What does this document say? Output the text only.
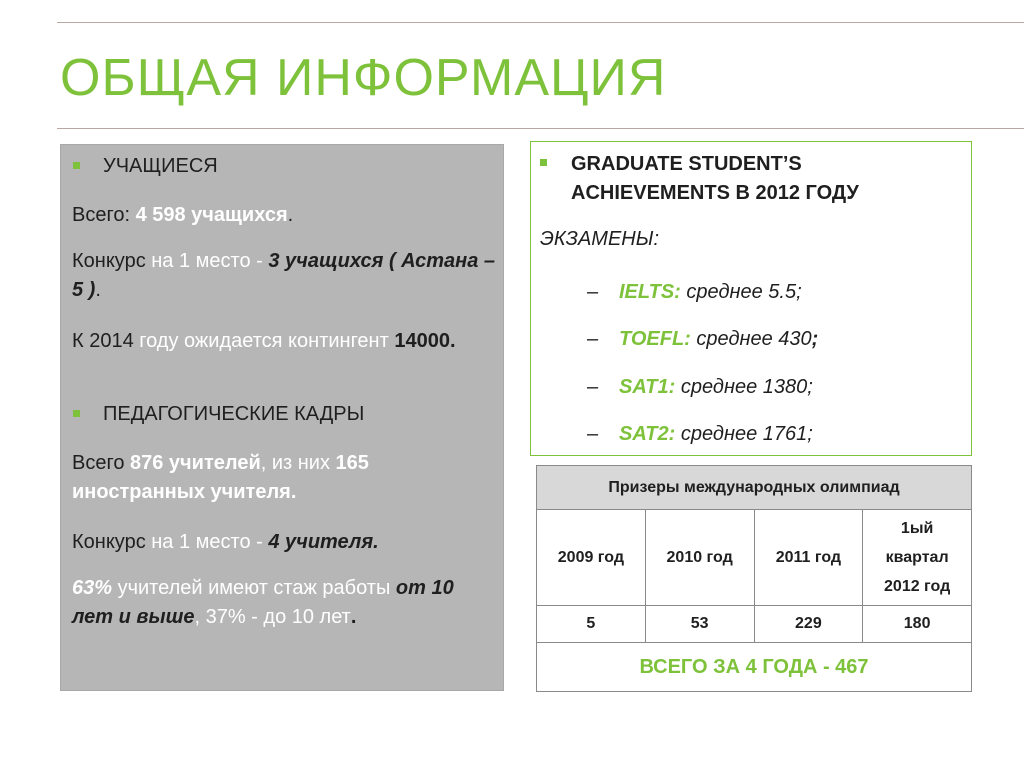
ОБЩАЯ ИНФОРМАЦИЯ

УЧАЩИЕСЯ

Всего: 4 598 учащихся.

Конкурс на 1 место - 3 учащихся ( Астана – 5 ).

К 2014 году ожидается контингент 14000.

ПЕДАГОГИЧЕСКИЕ КАДРЫ

Всего 876 учителей, из них 165 иностранных учителя.

Конкурс на 1 место - 4 учителя.

63% учителей имеют стаж работы от 10 лет и выше, 37% - до 10 лет.

GRADUATE STUDENT’S ACHIEVEMENTS В 2012 ГОДУ

ЭКЗАМЕНЫ:

– IELTS: среднее 5.5;

– TOEFL: среднее 430;

– SAT1: среднее 1380;

– SAT2: среднее 1761;

Призеры международных олимпиад			
2009 год	2010 год	2011 год	1ый квартал 2012 год
5	53	229	180
ВСЕГО ЗА 4 ГОДА - 467			
